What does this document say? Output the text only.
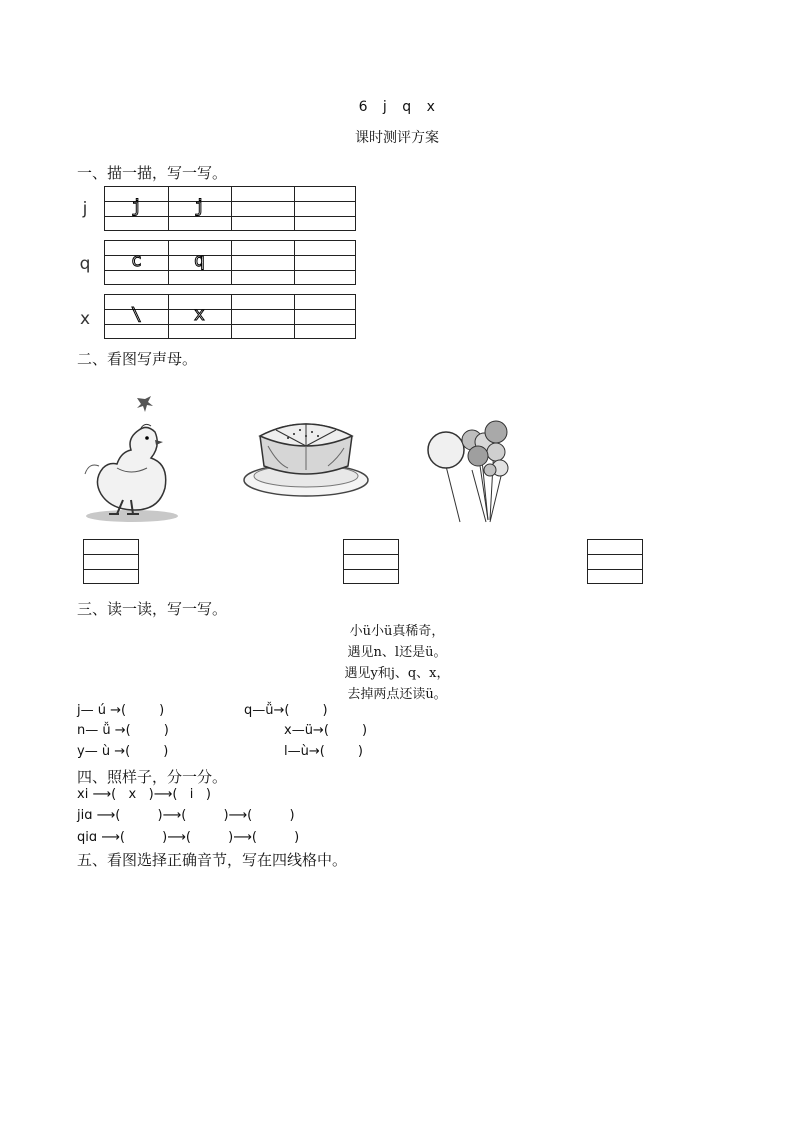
6 j q x
课时测评方案
一、描一描，写一写。
j j	j
q c	q
x \	x
二、看图写声母。
三、读一读，写一写。
小ü小ü真稀奇，
遇见n、l还是ü。
遇见y和j、q、x，
去掉两点还读ü。
j— ú →(        )	q—ǚ→(        )
n— ǚ →(        )	x—ü→(        )
y— ù →(        )	l—ù→(        )
四、照样子，分一分。
xi ⟶(   x   )⟶(   i   )
jiɑ ⟶(         )⟶(         )⟶(         )
qiɑ ⟶(         )⟶(         )⟶(         )
五、看图选择正确音节，写在四线格中。
